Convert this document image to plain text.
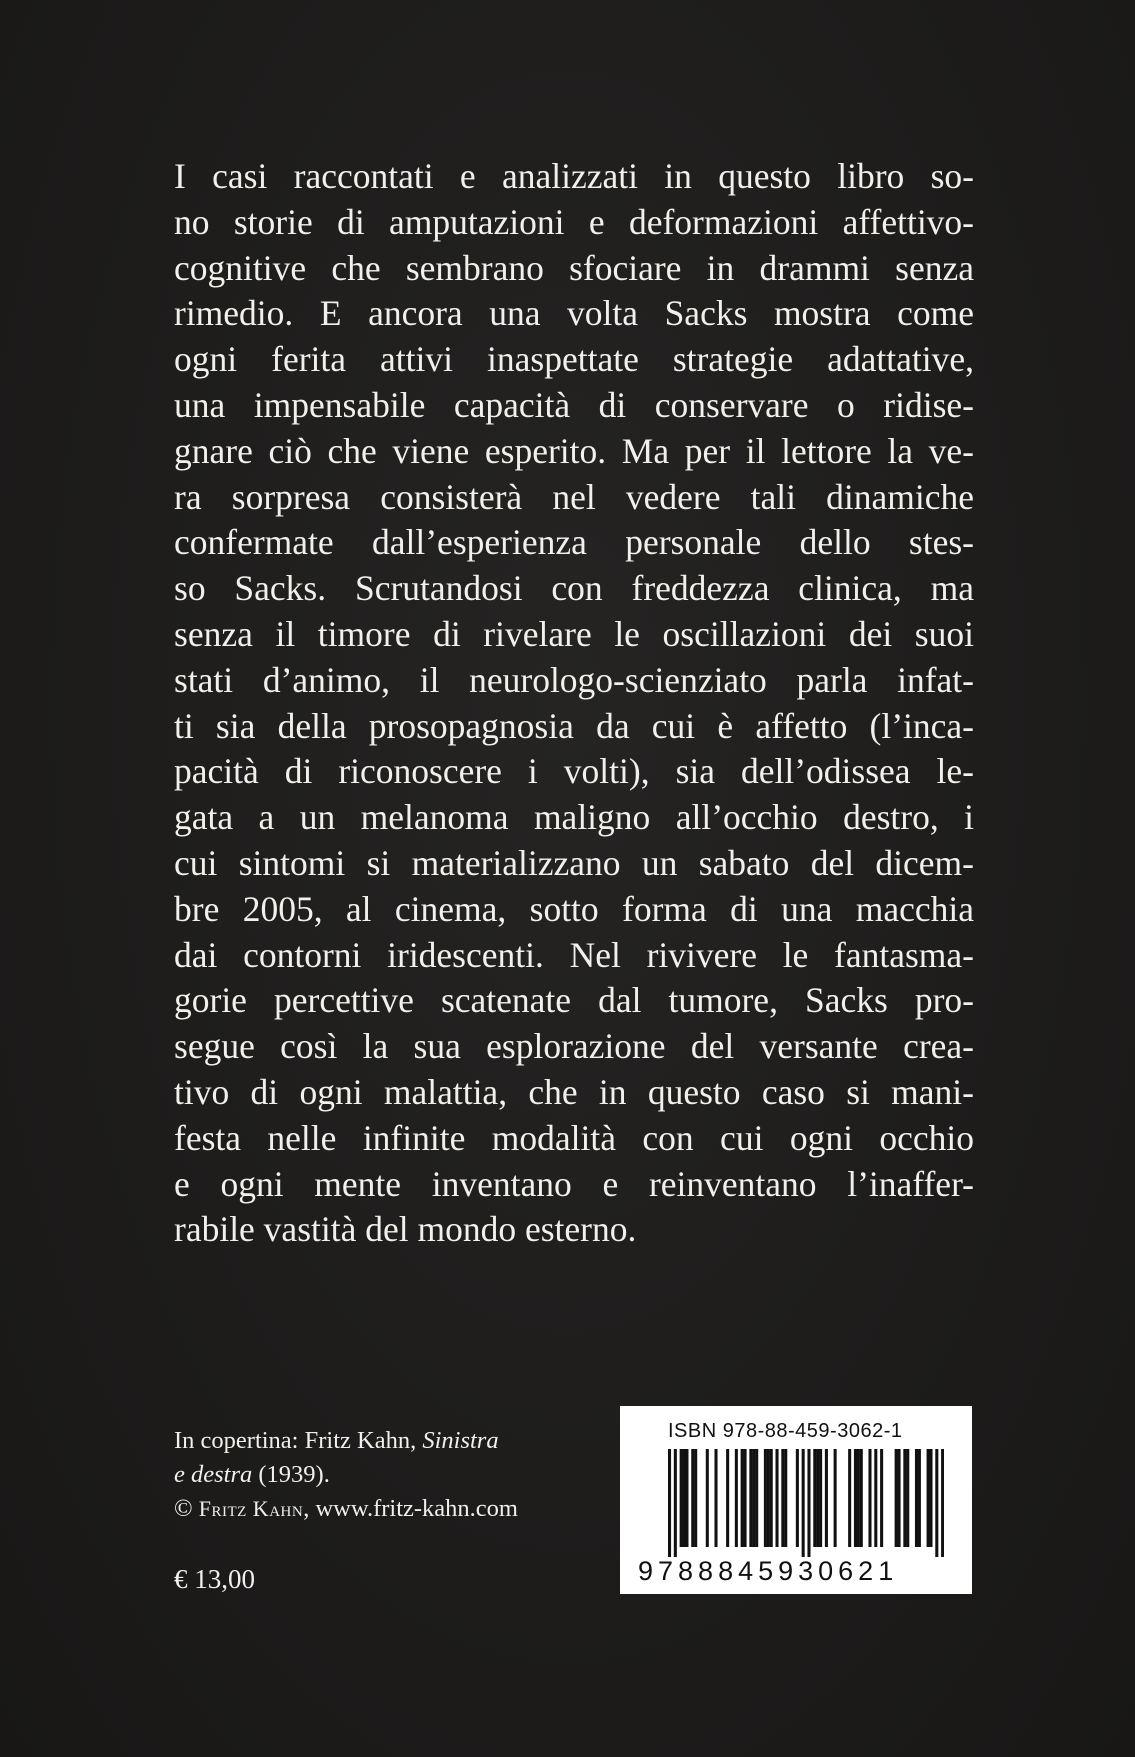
I casi raccontati e analizzati in questo libro so-
no storie di amputazioni e deformazioni affettivo-
cognitive che sembrano sfociare in drammi senza
rimedio. E ancora una volta Sacks mostra come
ogni ferita attivi inaspettate strategie adattative,
una impensabile capacità di conservare o ridise-
gnare ciò che viene esperito. Ma per il lettore la ve-
ra sorpresa consisterà nel vedere tali dinamiche
confermate dall’esperienza personale dello stes-
so Sacks. Scrutandosi con freddezza clinica, ma
senza il timore di rivelare le oscillazioni dei suoi
stati d’animo, il neurologo-scienziato parla infat-
ti sia della prosopagnosia da cui è affetto (l’inca-
pacità di riconoscere i volti), sia dell’odissea le-
gata a un melanoma maligno all’occhio destro, i
cui sintomi si materializzano un sabato del dicem-
bre 2005, al cinema, sotto forma di una macchia
dai contorni iridescenti. Nel rivivere le fantasma-
gorie percettive scatenate dal tumore, Sacks pro-
segue così la sua esplorazione del versante crea-
tivo di ogni malattia, che in questo caso si mani-
festa nelle infinite modalità con cui ogni occhio
e ogni mente inventano e reinventano l’inaffer-
rabile vastità del mondo esterno.
In copertina: Fritz Kahn, Sinistra
e destra (1939).
© Fritz Kahn, www.fritz-kahn.com
€ 13,00
ISBN 978-88-459-3062-1
9788845930621
